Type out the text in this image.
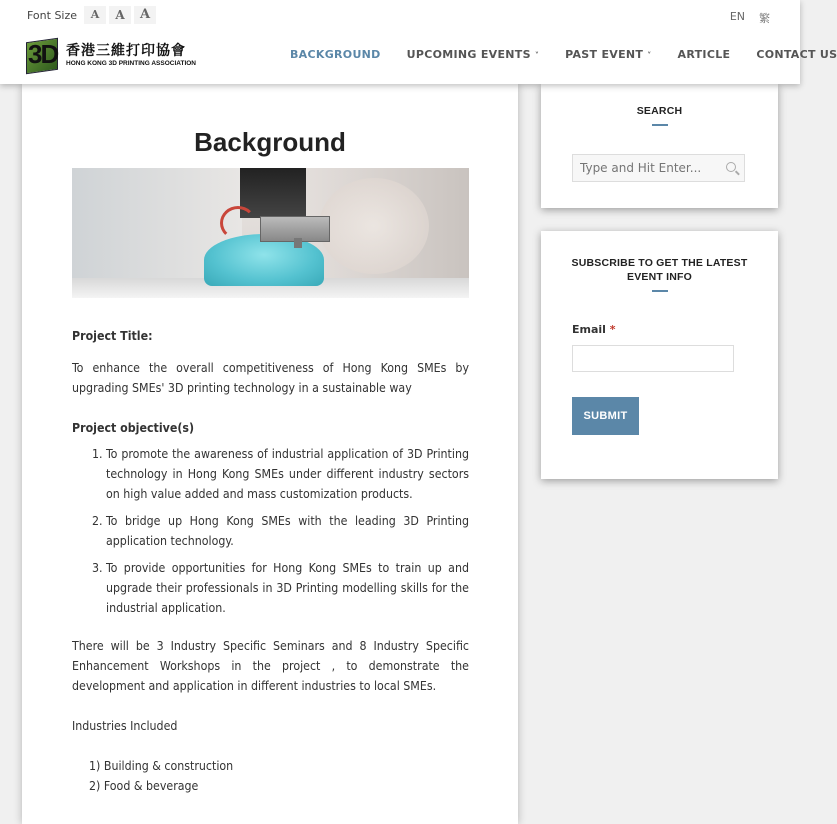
Font Size	A	A	A	EN 繁
3D 香港三維打印協會
HONG KONG 3D PRINTING ASSOCIATION
BACKGROUND UPCOMING EVENTS ˅ PAST EVENT ˅ ARTICLE CONTACT US
Background

Project Title:

To enhance the overall competitiveness of Hong Kong SMEs by upgrading SMEs' 3D printing technology in a sustainable way

Project objective(s)

1. To promote the awareness of industrial application of 3D Printing technology in Hong Kong SMEs under different industry sectors on high value added and mass customization products.
2. To bridge up Hong Kong SMEs with the leading 3D Printing application technology.
3. To provide opportunities for Hong Kong SMEs to train up and upgrade their professionals in 3D Printing modelling skills for the industrial application.

There will be 3 Industry Specific Seminars and 8 Industry Specific Enhancement Workshops in the project , to demonstrate the development and application in different industries to local SMEs.

Industries Included

1) Building & construction

2) Food & beverage

SEARCH
Type and Hit Enter...
SUBSCRIBE TO GET THE LATEST EVENT INFO
Email *
SUBMIT
